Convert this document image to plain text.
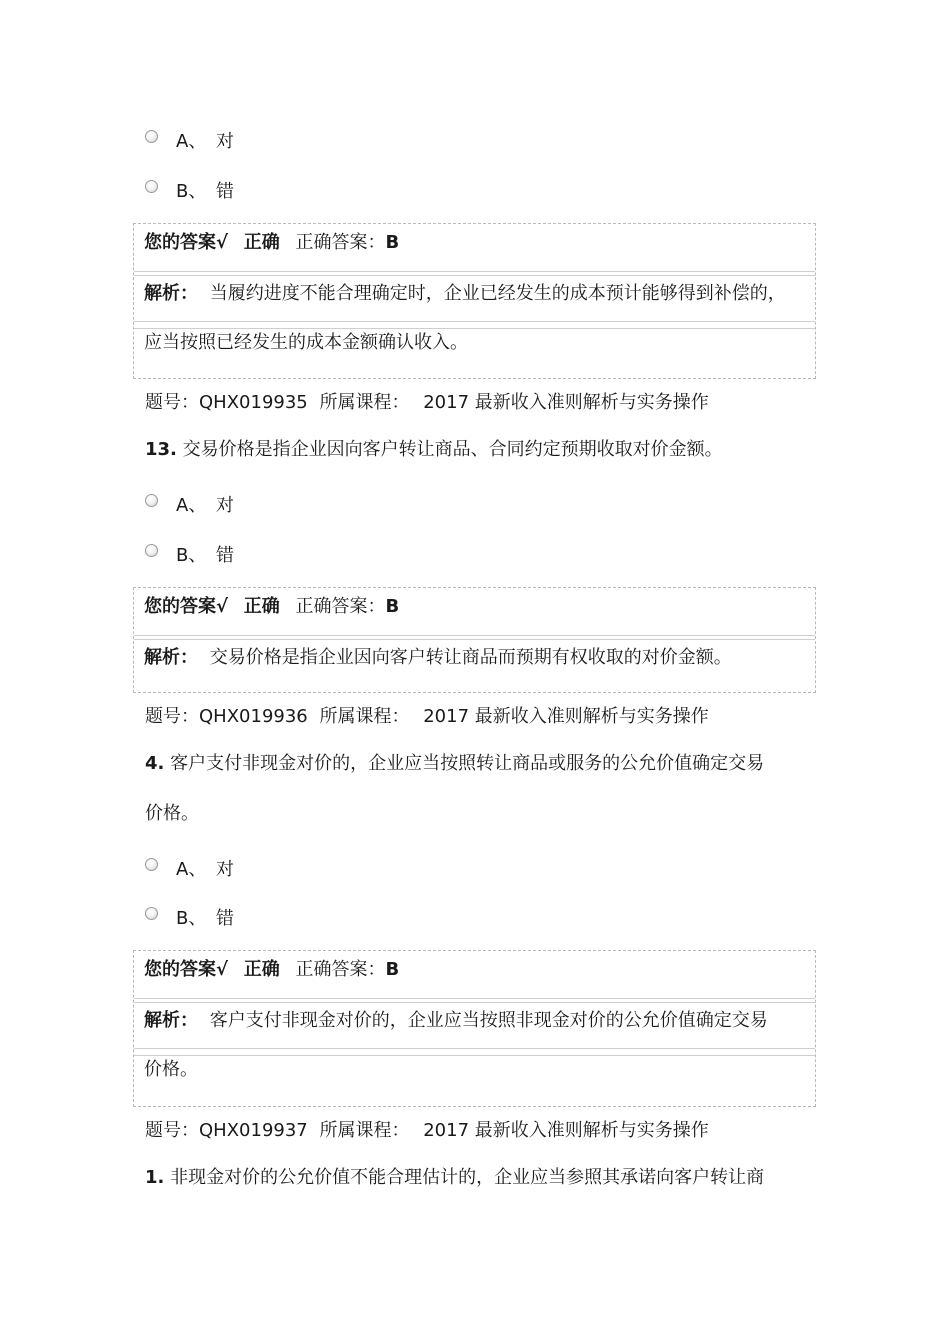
A、 对
B、 错
您的答案√ 正确 正确答案：B
解析： 当履约进度不能合理确定时，企业已经发生的成本预计能够得到补偿的，
应当按照已经发生的成本金额确认收入。
题号：QHX019935 所属课程： 2017 最新收入准则解析与实务操作
13. 交易价格是指企业因向客户转让商品、合同约定预期收取对价金额。
A、 对
B、 错
您的答案√ 正确 正确答案：B
解析： 交易价格是指企业因向客户转让商品而预期有权收取的对价金额。
题号：QHX019936 所属课程： 2017 最新收入准则解析与实务操作
4. 客户支付非现金对价的，企业应当按照转让商品或服务的公允价值确定交易
价格。
A、 对
B、 错
您的答案√ 正确 正确答案：B
解析： 客户支付非现金对价的，企业应当按照非现金对价的公允价值确定交易
价格。
题号：QHX019937 所属课程： 2017 最新收入准则解析与实务操作
1. 非现金对价的公允价值不能合理估计的，企业应当参照其承诺向客户转让商
